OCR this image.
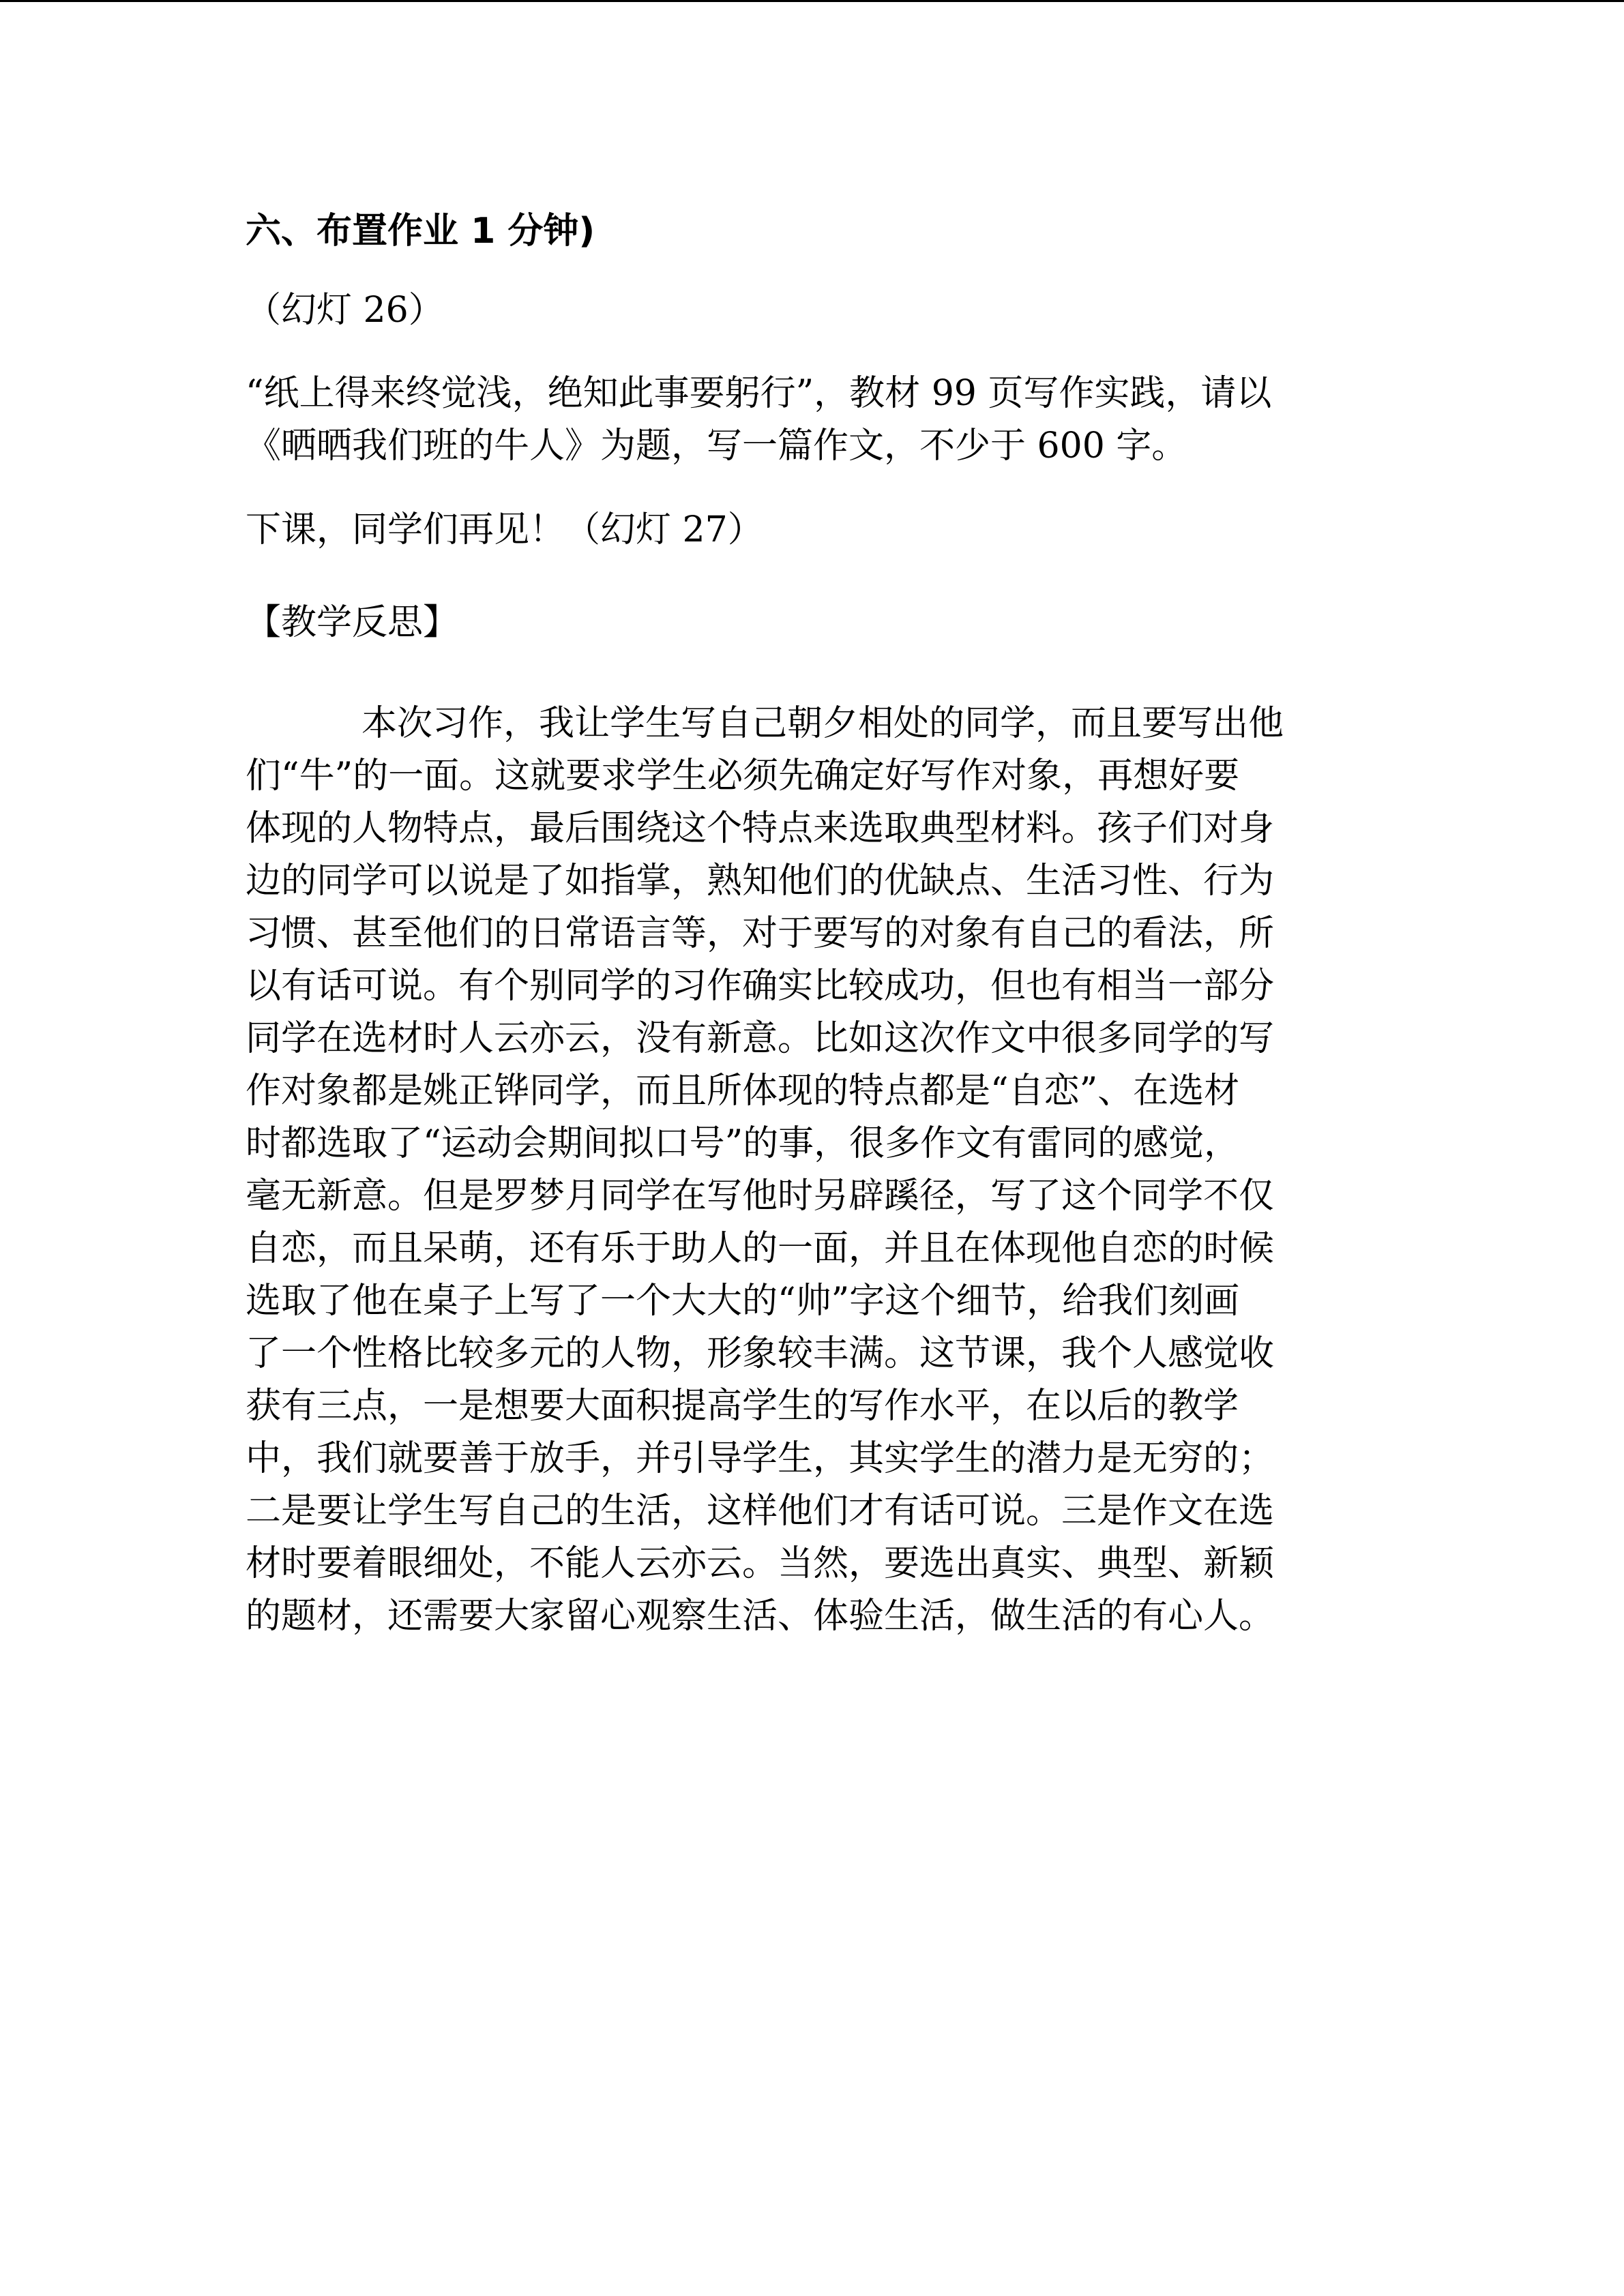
六、布置作业 1 分钟)

（幻灯 26）

“纸上得来终觉浅，绝知此事要躬行”，教材 99 页写作实践，请以
《晒晒我们班的牛人》为题，写一篇作文，不少于 600 字。

下课，同学们再见！（幻灯 27）

【教学反思】

本次习作，我让学生写自己朝夕相处的同学，而且要写出他
们“牛”的一面。这就要求学生必须先确定好写作对象，再想好要
体现的人物特点，最后围绕这个特点来选取典型材料。孩子们对身
边的同学可以说是了如指掌，熟知他们的优缺点、生活习性、行为
习惯、甚至他们的日常语言等，对于要写的对象有自己的看法，所
以有话可说。有个别同学的习作确实比较成功，但也有相当一部分
同学在选材时人云亦云，没有新意。比如这次作文中很多同学的写
作对象都是姚正铧同学，而且所体现的特点都是“自恋”、在选材
时都选取了“运动会期间拟口号”的事，很多作文有雷同的感觉，
毫无新意。但是罗梦月同学在写他时另辟蹊径，写了这个同学不仅
自恋，而且呆萌，还有乐于助人的一面，并且在体现他自恋的时候
选取了他在桌子上写了一个大大的“帅”字这个细节，给我们刻画
了一个性格比较多元的人物，形象较丰满。这节课，我个人感觉收
获有三点，一是想要大面积提高学生的写作水平，在以后的教学
中，我们就要善于放手，并引导学生，其实学生的潜力是无穷的；
二是要让学生写自己的生活，这样他们才有话可说。三是作文在选
材时要着眼细处，不能人云亦云。当然，要选出真实、典型、新颖
的题材，还需要大家留心观察生活、体验生活，做生活的有心人。
